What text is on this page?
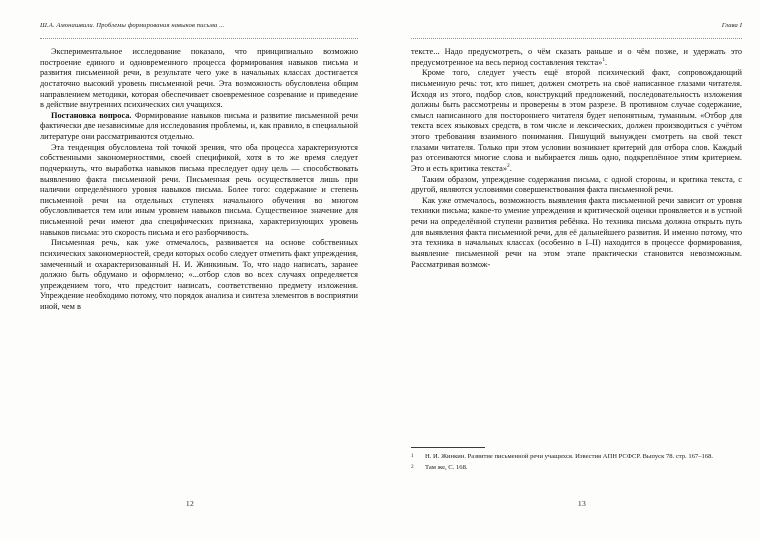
Ш.А. Амонашвили. Проблемы формирования навыков письма ...

Экспериментальное исследование показало, что принципиально возможно построение единого и одновременного процесса формирования навыков письма и развития письменной речи, в результате чего уже в начальных классах достигается достаточно высокий уровень письменной речи. Эта возможность обусловлена общим направлением методики, которая обеспечивает своевременное созревание и приведение в действие внутренних психических сил учащихся.

Постановка вопроса. Формирование навыков письма и развитие письменной речи фактически две независимые для исследования проблемы, и, как правило, в специальной литературе они рассматриваются отдельно.

Эта тенденция обусловлена той точкой зрения, что оба процесса характеризуются собственными закономерностями, своей спецификой, хотя в то же время следует подчеркнуть, что выработка навыков письма преследует одну цель — способствовать выявлению факта письменной речи. Письменная речь осуществляется лишь при наличии определённого уровня навыков письма. Более того: содержание и степень письменной речи на отдельных ступенях начального обучения во многом обусловливается тем или иным уровнем навыков письма. Существенное значение для письменной речи имеют два специфических признака, характеризующих уровень навыков письма: это скорость письма и его разборчивость.

Письменная речь, как уже отмечалось, развивается на основе собственных психических закономерностей, среди которых особо следует отметить факт упреждения, замеченный и охарактеризованный Н. И. Жинкиным. То, что надо написать, заранее должно быть обдумано и оформлено; «...отбор слов во всех случаях определяется упреждением того, что предстоит написать, соответственно предмету изложения. Упреждение необходимо потому, что порядок анализа и синтеза элементов в восприятии иной, чем в

12
Глава I

тексте... Надо предусмотреть, о чём сказать раньше и о чём позже, и удержать это предусмотренное на весь период составления текста»$^1$.

Кроме того, следует учесть ещё второй психический факт, сопровождающий письменную речь: тот, кто пишет, должен смотреть на своё написанное глазами читателя. Исходя из этого, подбор слов, конструкций предложений, последовательность изложения должны быть рассмотрены и проверены в этом разрезе. В противном случае содержание, смысл написанного для постороннего читателя будет непонятным, туманным. «Отбор для текста всех языковых средств, в том числе и лексических, должен производиться с учётом этого требования взаимного понимания. Пишущий вынужден смотреть на свой текст глазами читателя. Только при этом условии возникнет критерий для отбора слов. Каждый раз отсеиваются многие слова и выбирается лишь одно, подкреплённое этим критерием. Это и есть критика текста»$^2$.

Таким образом, упреждение содержания письма, с одной стороны, и критика текста, с другой, являются условиями совершенствования факта письменной речи.

Как уже отмечалось, возможность выявления факта письменной речи зависит от уровня техники письма; какое-то умение упреждения и критической оценки проявляется и в устной речи на определённой ступени развития ребёнка. Но техника письма должна открыть путь для выявления факта письменной речи, для её дальнейшего развития. И именно потому, что эта техника в начальных классах (особенно в I–II) находится в процессе формирования, выявление письменной речи на этом этапе практически становится невозможным. Рассматривая возмож-

1 Н. И. Жинкин. Развитие письменной речи учащихся. Известия АПН РСФСР. Выпуск 78. стр. 167–168.
2 Там же, С. 168.
13
